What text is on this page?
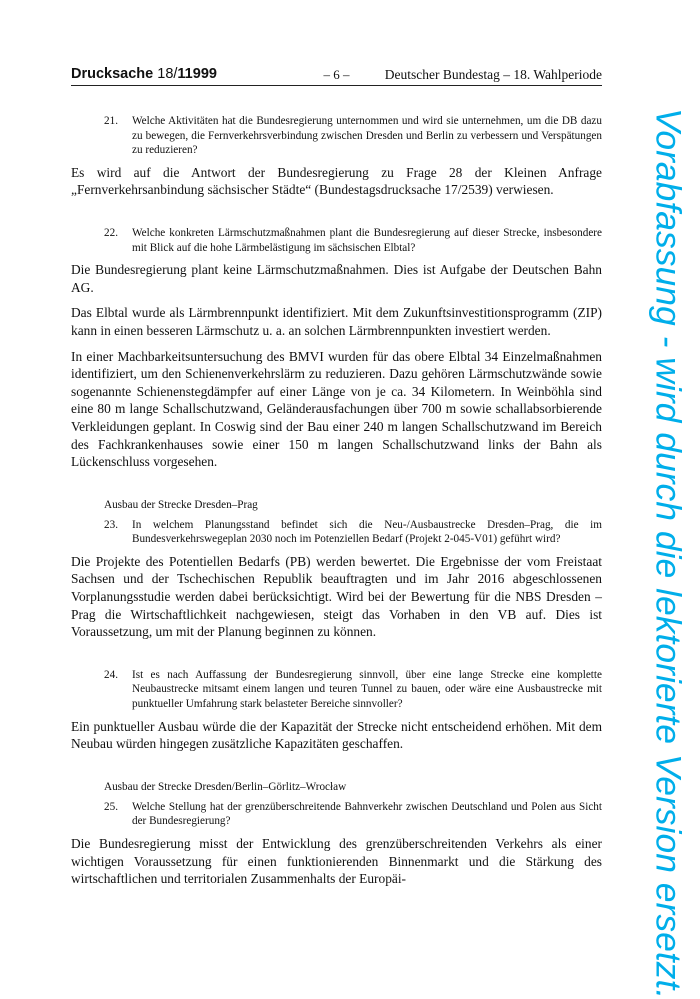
Drucksache 18/11999	– 6 –	Deutscher Bundestag – 18. Wahlperiode
21.	Welche Aktivitäten hat die Bundesregierung unternommen und wird sie unternehmen, um die DB dazu zu bewegen, die Fernverkehrsverbindung zwischen Dresden und Berlin zu verbessern und Verspätungen zu reduzieren?

Es wird auf die Antwort der Bundesregierung zu Frage 28 der Kleinen Anfrage „Fernverkehrsanbindung sächsischer Städte“ (Bundestagsdrucksache 17/2539) verwiesen.

22.	Welche konkreten Lärmschutzmaßnahmen plant die Bundesregierung auf dieser Strecke, insbesondere mit Blick auf die hohe Lärmbelästigung im sächsischen Elbtal?

Die Bundesregierung plant keine Lärmschutzmaßnahmen. Dies ist Aufgabe der Deutschen Bahn AG.

Das Elbtal wurde als Lärmbrennpunkt identifiziert. Mit dem Zukunftsinvestitionsprogramm (ZIP) kann in einen besseren Lärmschutz u. a. an solchen Lärmbrennpunkten investiert werden.

In einer Machbarkeitsuntersuchung des BMVI wurden für das obere Elbtal 34 Einzelmaßnahmen identifiziert, um den Schienenverkehrslärm zu reduzieren. Dazu gehören Lärmschutzwände sowie sogenannte Schienenstegdämpfer auf einer Länge von je ca. 34 Kilometern. In Weinböhla sind eine 80 m lange Schallschutzwand, Geländerausfachungen über 700 m sowie schallabsorbierende Verkleidungen geplant. In Coswig sind der Bau einer 240 m langen Schallschutzwand im Bereich des Fachkrankenhauses sowie einer 150 m langen Schallschutzwand links der Bahn als Lückenschluss vorgesehen.

Ausbau der Strecke Dresden–Prag
23.	In welchem Planungsstand befindet sich die Neu-/Ausbaustrecke Dresden–Prag, die im Bundesverkehrswegeplan 2030 noch im Potenziellen Bedarf (Projekt 2-045-V01) geführt wird?

Die Projekte des Potentiellen Bedarfs (PB) werden bewertet. Die Ergebnisse der vom Freistaat Sachsen und der Tschechischen Republik beauftragten und im Jahr 2016 abgeschlossenen Vorplanungsstudie werden dabei berücksichtigt. Wird bei der Bewertung für die NBS Dresden – Prag die Wirtschaftlichkeit nachgewiesen, steigt das Vorhaben in den VB auf. Dies ist Voraussetzung, um mit der Planung beginnen zu können.

24.	Ist es nach Auffassung der Bundesregierung sinnvoll, über eine lange Strecke eine komplette Neubaustrecke mitsamt einem langen und teuren Tunnel zu bauen, oder wäre eine Ausbaustrecke mit punktueller Umfahrung stark belasteter Bereiche sinnvoller?

Ein punktueller Ausbau würde die der Kapazität der Strecke nicht entscheidend erhöhen. Mit dem Neubau würden hingegen zusätzliche Kapazitäten geschaffen.

Ausbau der Strecke Dresden/Berlin–Görlitz–Wrocław
25.	Welche Stellung hat der grenzüberschreitende Bahnverkehr zwischen Deutschland und Polen aus Sicht der Bundesregierung?

Die Bundesregierung misst der Entwicklung des grenzüberschreitenden Verkehrs als einer wichtigen Voraussetzung für einen funktionierenden Binnenmarkt und die Stärkung des wirtschaftlichen und territorialen Zusammenhalts der Europäi-	Vorabfassung - wird durch die lektorierte Version ersetzt.
